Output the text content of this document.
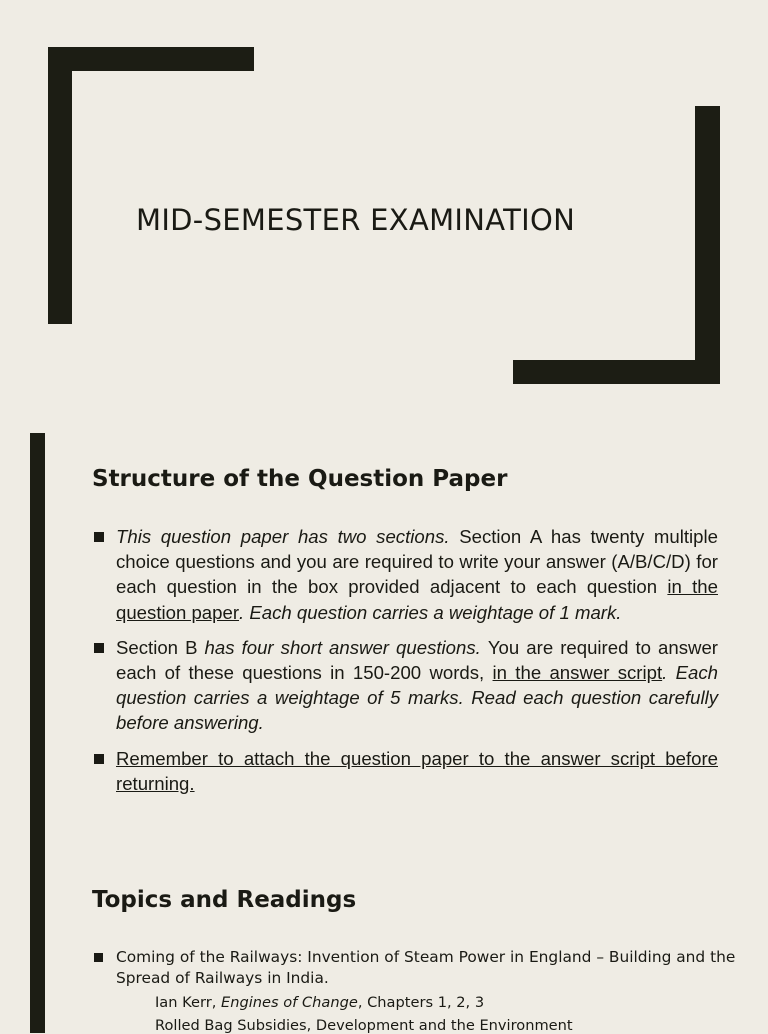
MID-SEMESTER EXAMINATION
Structure of the Question Paper
This question paper has two sections. Section A has twenty multiple choice questions and you are required to write your answer (A/B/C/D) for each question in the box provided adjacent to each question in the question paper. Each question carries a weightage of 1 mark.
Section B has four short answer questions. You are required to answer each of these questions in 150-200 words, in the answer script. Each question carries a weightage of 5 marks. Read each question carefully before answering.
Remember to attach the question paper to the answer script before returning.
Topics and Readings
Coming of the Railways: Invention of Steam Power in England – Building and the Spread of Railways in India.
Ian Kerr, Engines of Change, Chapters 1, 2, 3
Rolled Bag Subsidies, Development and the Environment
